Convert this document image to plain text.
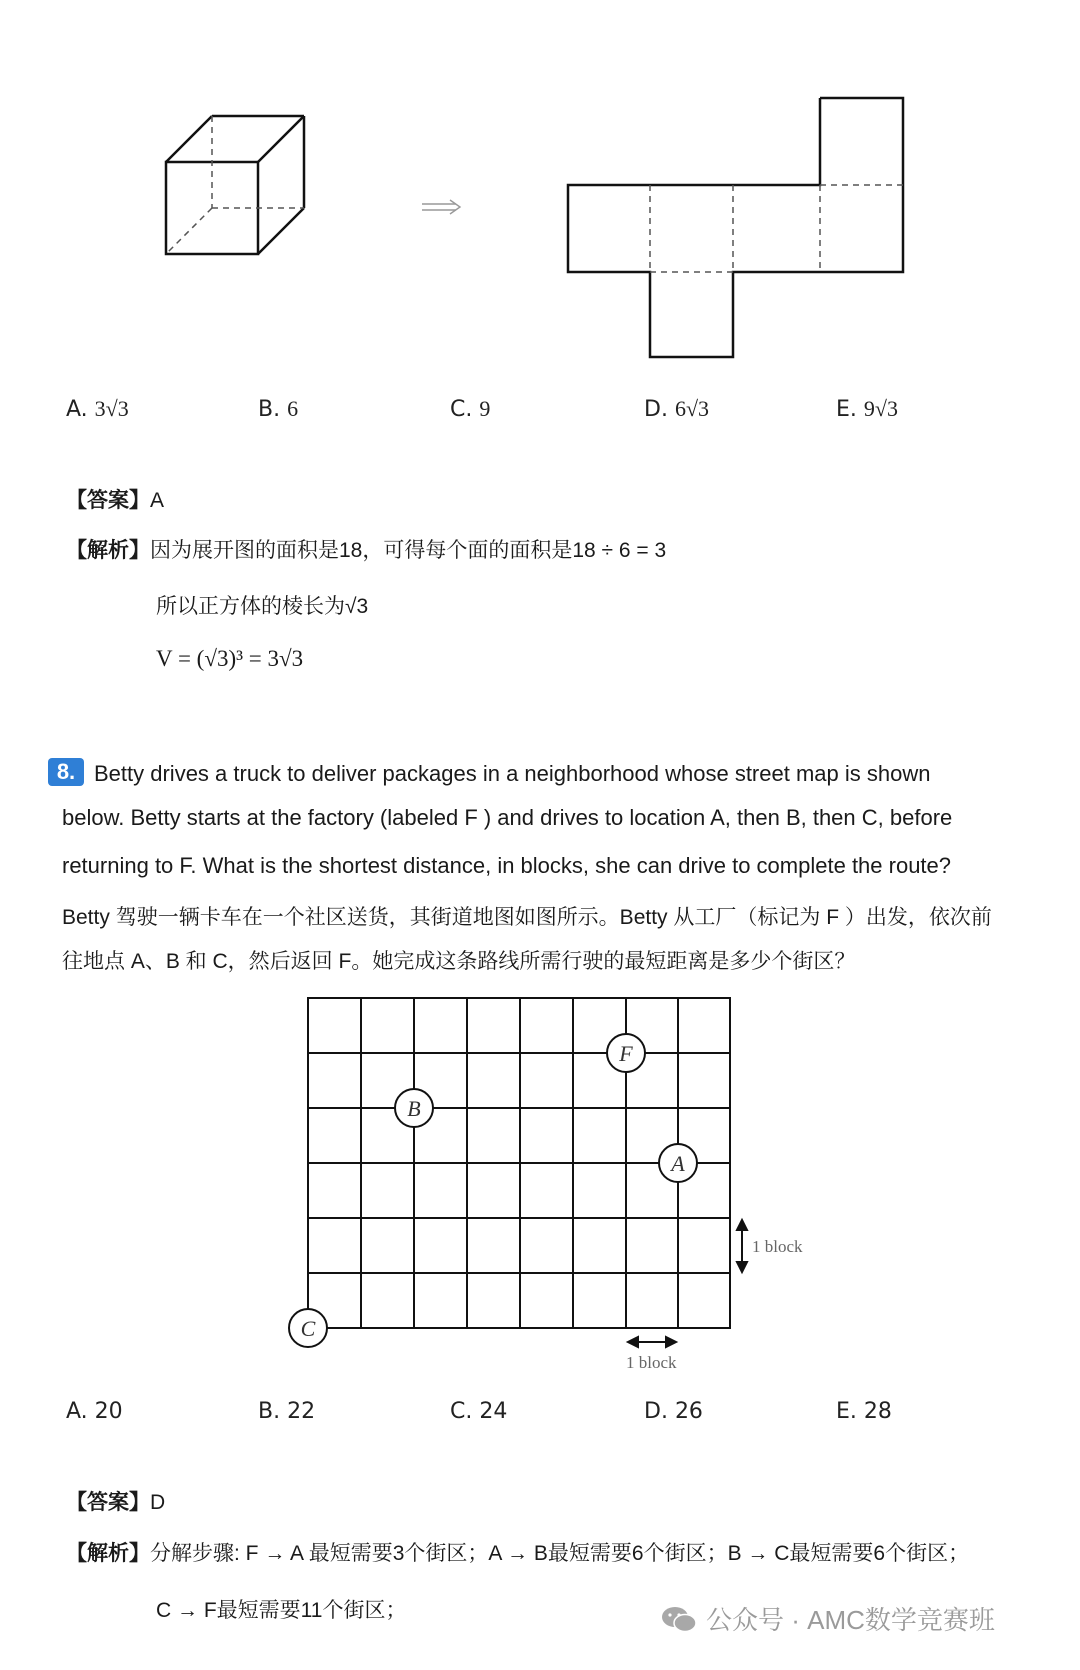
A. 3√3	B. 6	C. 9	D. 6√3	E. 9√3
【答案】A
【解析】因为展开图的面积是18，可得每个面的面积是18 ÷ 6 = 3
所以正方体的棱长为√3
V = (√3)³ = 3√3
8. Betty drives a truck to deliver packages in a neighborhood whose street map is shown
below. Betty starts at the factory (labeled F ) and drives to location A, then B, then C, before
returning to F. What is the shortest distance, in blocks, she can drive to complete the route?
Betty 驾驶一辆卡车在一个社区送货，其街道地图如图所示。Betty 从工厂（标记为 F ）出发，依次前
往地点 A、B 和 C，然后返回 F。她完成这条路线所需行驶的最短距离是多少个街区？
F
B
A
C
1 block
1 block
A. 20	B. 22	C. 24	D. 26	E. 28
【答案】D
【解析】分解步骤: F → A 最短需要3个街区；A → B最短需要6个街区；B → C最短需要6个街区；
C → F最短需要11个街区；	公众号 · AMC数学竞赛班
